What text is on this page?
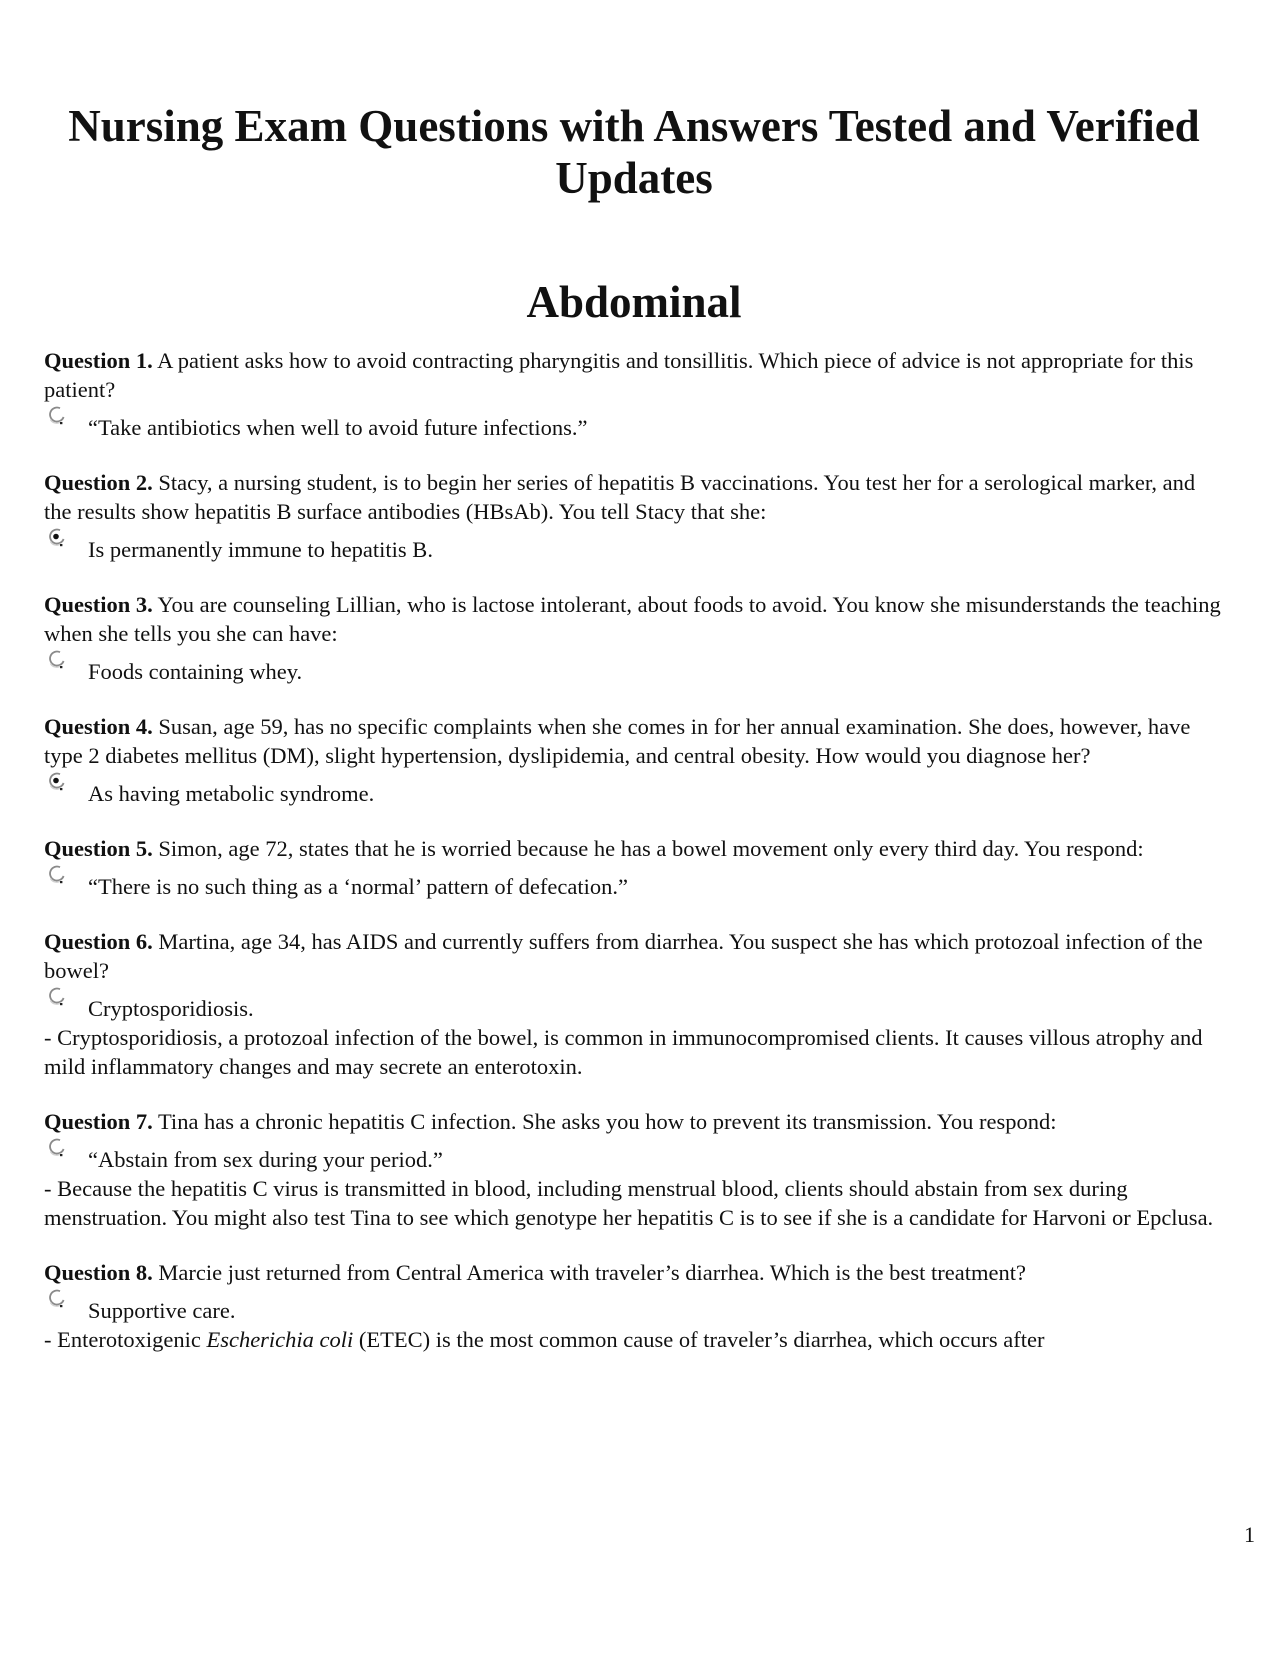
Nursing Exam Questions with Answers Tested and Verified Updates
Abdominal

Question 1. A patient asks how to avoid contracting pharyngitis and tonsillitis. Which piece of advice is not appropriate for this patient?

“Take antibiotics when well to avoid future infections.”

Question 2. Stacy, a nursing student, is to begin her series of hepatitis B vaccinations. You test her for a serological marker, and the results show hepatitis B surface antibodies (HBsAb). You tell Stacy that she:

Is permanently immune to hepatitis B.

Question 3. You are counseling Lillian, who is lactose intolerant, about foods to avoid. You know she misunderstands the teaching when she tells you she can have:

Foods containing whey.

Question 4. Susan, age 59, has no specific complaints when she comes in for her annual examination. She does, however, have type 2 diabetes mellitus (DM), slight hypertension, dyslipidemia, and central obesity. How would you diagnose her?

As having metabolic syndrome.

Question 5. Simon, age 72, states that he is worried because he has a bowel movement only every third day. You respond:

“There is no such thing as a ‘normal’ pattern of defecation.”

Question 6. Martina, age 34, has AIDS and currently suffers from diarrhea. You suspect she has which protozoal infection of the bowel?

Cryptosporidiosis.

- Cryptosporidiosis, a protozoal infection of the bowel, is common in immunocompromised clients. It causes villous atrophy and mild inflammatory changes and may secrete an enterotoxin.

Question 7. Tina has a chronic hepatitis C infection. She asks you how to prevent its transmission. You respond:

“Abstain from sex during your period.”

- Because the hepatitis C virus is transmitted in blood, including menstrual blood, clients should abstain from sex during menstruation. You might also test Tina to see which genotype her hepatitis C is to see if she is a candidate for Harvoni or Epclusa.

Question 8. Marcie just returned from Central America with traveler’s diarrhea. Which is the best treatment?

Supportive care.

- Enterotoxigenic Escherichia coli (ETEC) is the most common cause of traveler’s diarrhea, which occurs after

1
